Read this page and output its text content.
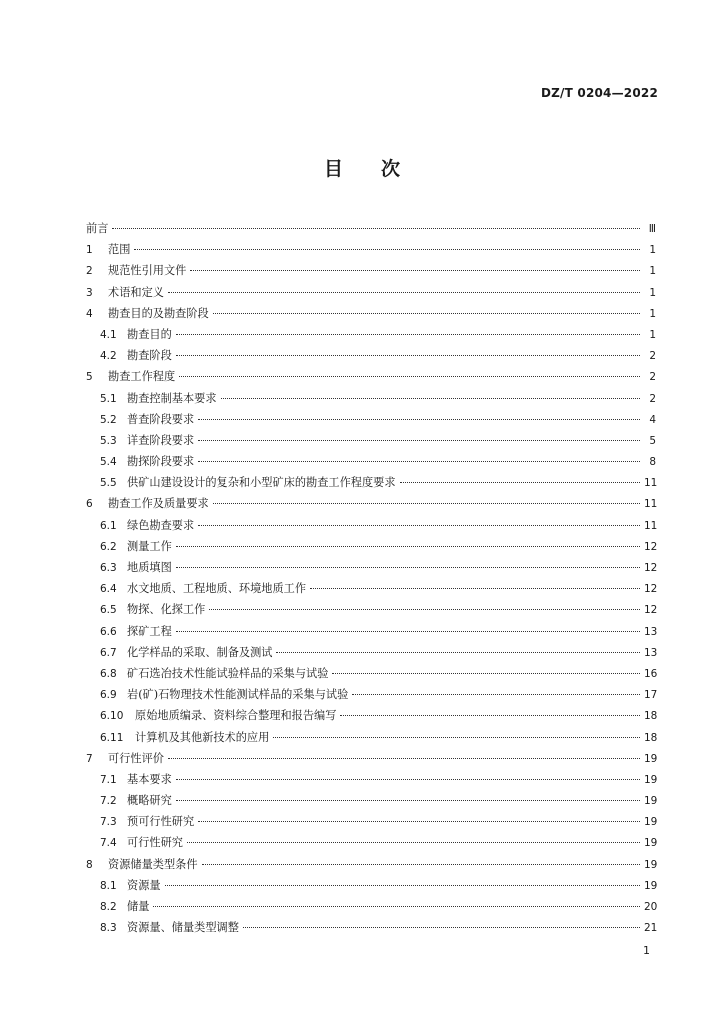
DZ/T 0204—2022
目次
前言	Ⅲ
1	范围	1
2	规范性引用文件	1
3	术语和定义	1
4	勘查目的及勘查阶段	1
4.1 勘查目的	1
4.2 勘查阶段	2
5	勘查工作程度	2
5.1 勘查控制基本要求	2
5.2 普查阶段要求	4
5.3 详查阶段要求	5
5.4 勘探阶段要求	8
5.5 供矿山建设设计的复杂和小型矿床的勘查工作程度要求	11
6	勘查工作及质量要求	11
6.1 绿色勘查要求	11
6.2 测量工作	12
6.3 地质填图	12
6.4 水文地质、工程地质、环境地质工作	12
6.5 物探、化探工作	12
6.6 探矿工程	13
6.7 化学样品的采取、制备及测试	13
6.8 矿石选冶技术性能试验样品的采集与试验	16
6.9 岩(矿)石物理技术性能测试样品的采集与试验	17
6.10	原始地质编录、资料综合整理和报告编写	18
6.11	计算机及其他新技术的应用	18
7	可行性评价	19
7.1 基本要求	19
7.2 概略研究	19
7.3 预可行性研究	19
7.4 可行性研究	19
8	资源储量类型条件	19
8.1 资源量	19
8.2 储量	20
8.3 资源量、储量类型调整	21
1
